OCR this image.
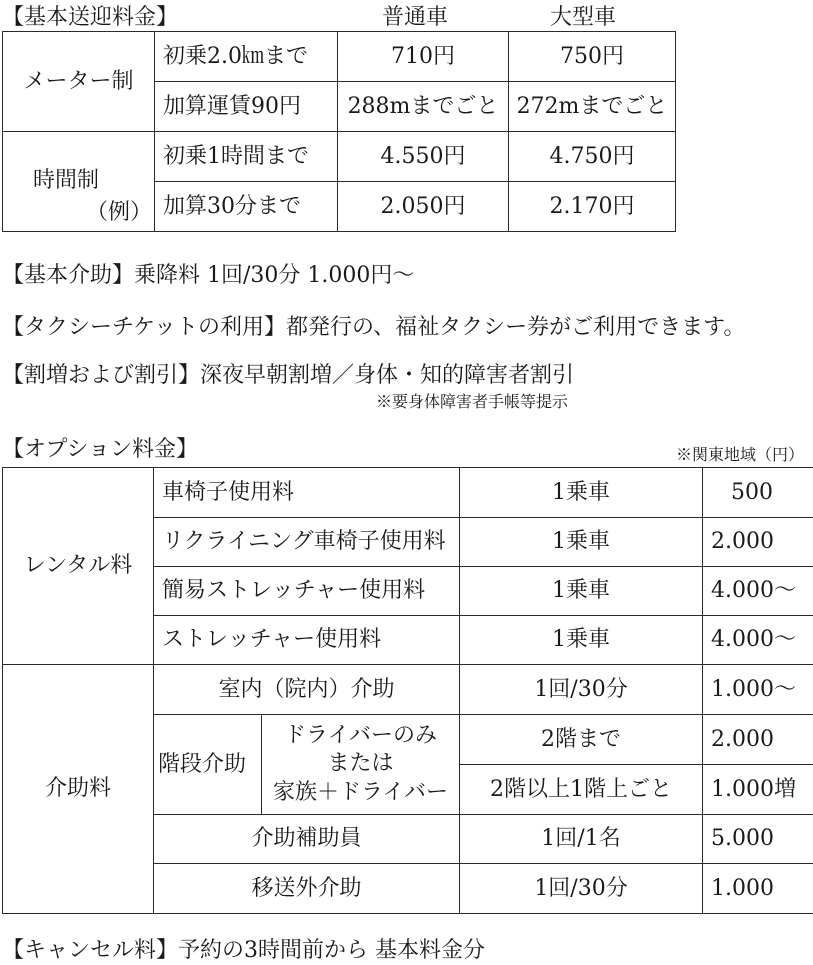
【基本送迎料金】	普通車	大型車
メーター制	初乗2.0㎞まで	710円	750円
	加算運賃90円	288mまでごと	272mまでごと

時間制
（例）	初乗1時間まで	4.550円	4.750円
	加算30分まで	2.050円	2.170円
【基本介助】乗降料 1回/30分 1.000円〜
【タクシーチケットの利用】都発行の、福祉タクシー券がご利用できます。
【割増および割引】深夜早朝割増／身体・知的障害者割引
※要身体障害者手帳等提示
【オプション料金】	※関東地域（円）
レンタル料	車椅子使用料		1乗車	500
	リクライニング車椅子使用料		1乗車	2.000
	簡易ストレッチャー使用料		1乗車	4.000〜
	ストレッチャー使用料		1乗車	4.000〜
介助料	室内（院内）介助		1回/30分	1.000〜
	階段介助	ドライバーのみ
または
家族＋ドライバー	2階まで	2.000
			2階以上1階上ごと	1.000増
	介助補助員		1回/1名	5.000
	移送外介助		1回/30分	1.000
【キャンセル料】予約の3時間前から 基本料金分
